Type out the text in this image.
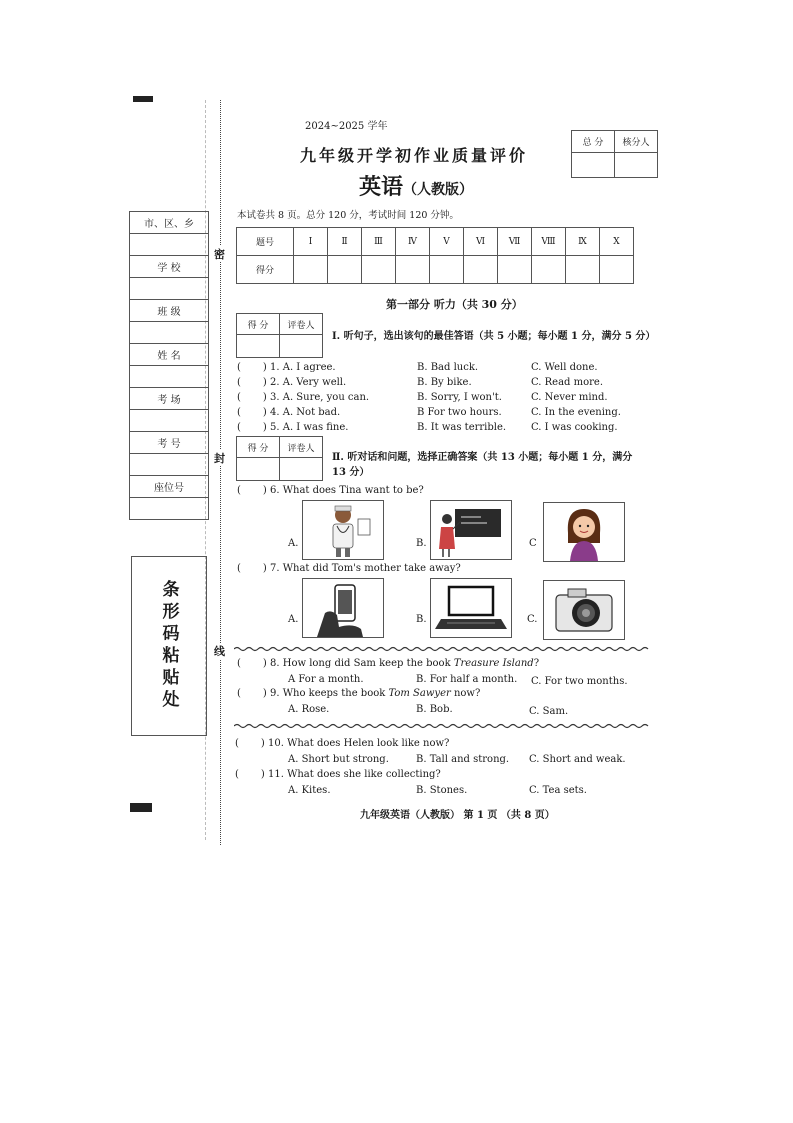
市、区、乡

学 校

班 级

姓 名

考 场

考 号

座位号

条形码粘贴处
密
封
线
2024~2025 学年
九年级开学初作业质量评价
英语（人教版）
总 分	核分人

本试卷共 8 页。总分 120 分，考试时间 120 分钟。
题号	Ⅰ	Ⅱ	Ⅲ	Ⅳ	Ⅴ	Ⅵ	Ⅶ	Ⅷ	Ⅸ	Ⅹ
得分										
第一部分 听力（共 30 分）
得 分	评卷人

Ⅰ. 听句子，选出该句的最佳答语（共 5 小题；每小题 1 分，满分 5 分）
( ) 1. A. I agree.	B. Bad luck.	C. Well done.
( ) 2. A. Very well.	B. By bike.	C. Read more.
( ) 3. A. Sure, you can.	B. Sorry, I won't.	C. Never mind.
( ) 4. A. Not bad.	B For two hours.	C. In the evening.
( ) 5. A. I was fine.	B. It was terrible. C. I was cooking.
得 分	评卷人

Ⅱ. 听对话和问题，选择正确答案（共 13 小题；每小题 1 分，满分
13 分）
( ) 6. What does Tina want to be?
A.	B.	C
( ) 7. What did Tom's mother take away?
A.	B.	C.
( ) 8. How long did Sam keep the book Treasure Island?
A For a month.	B. For half a month. C. For two months.
( ) 9. Who keeps the book Tom Sawyer now?
A. Rose.	B. Bob.	C. Sam.
( ) 10. What does Helen look like now?
A. Short but strong.	B. Tall and strong. C. Short and weak.
( ) 11. What does she like collecting?
A. Kites.	B. Stones.	C. Tea sets.
九年级英语（人教版） 第 1 页 （共 8 页）
